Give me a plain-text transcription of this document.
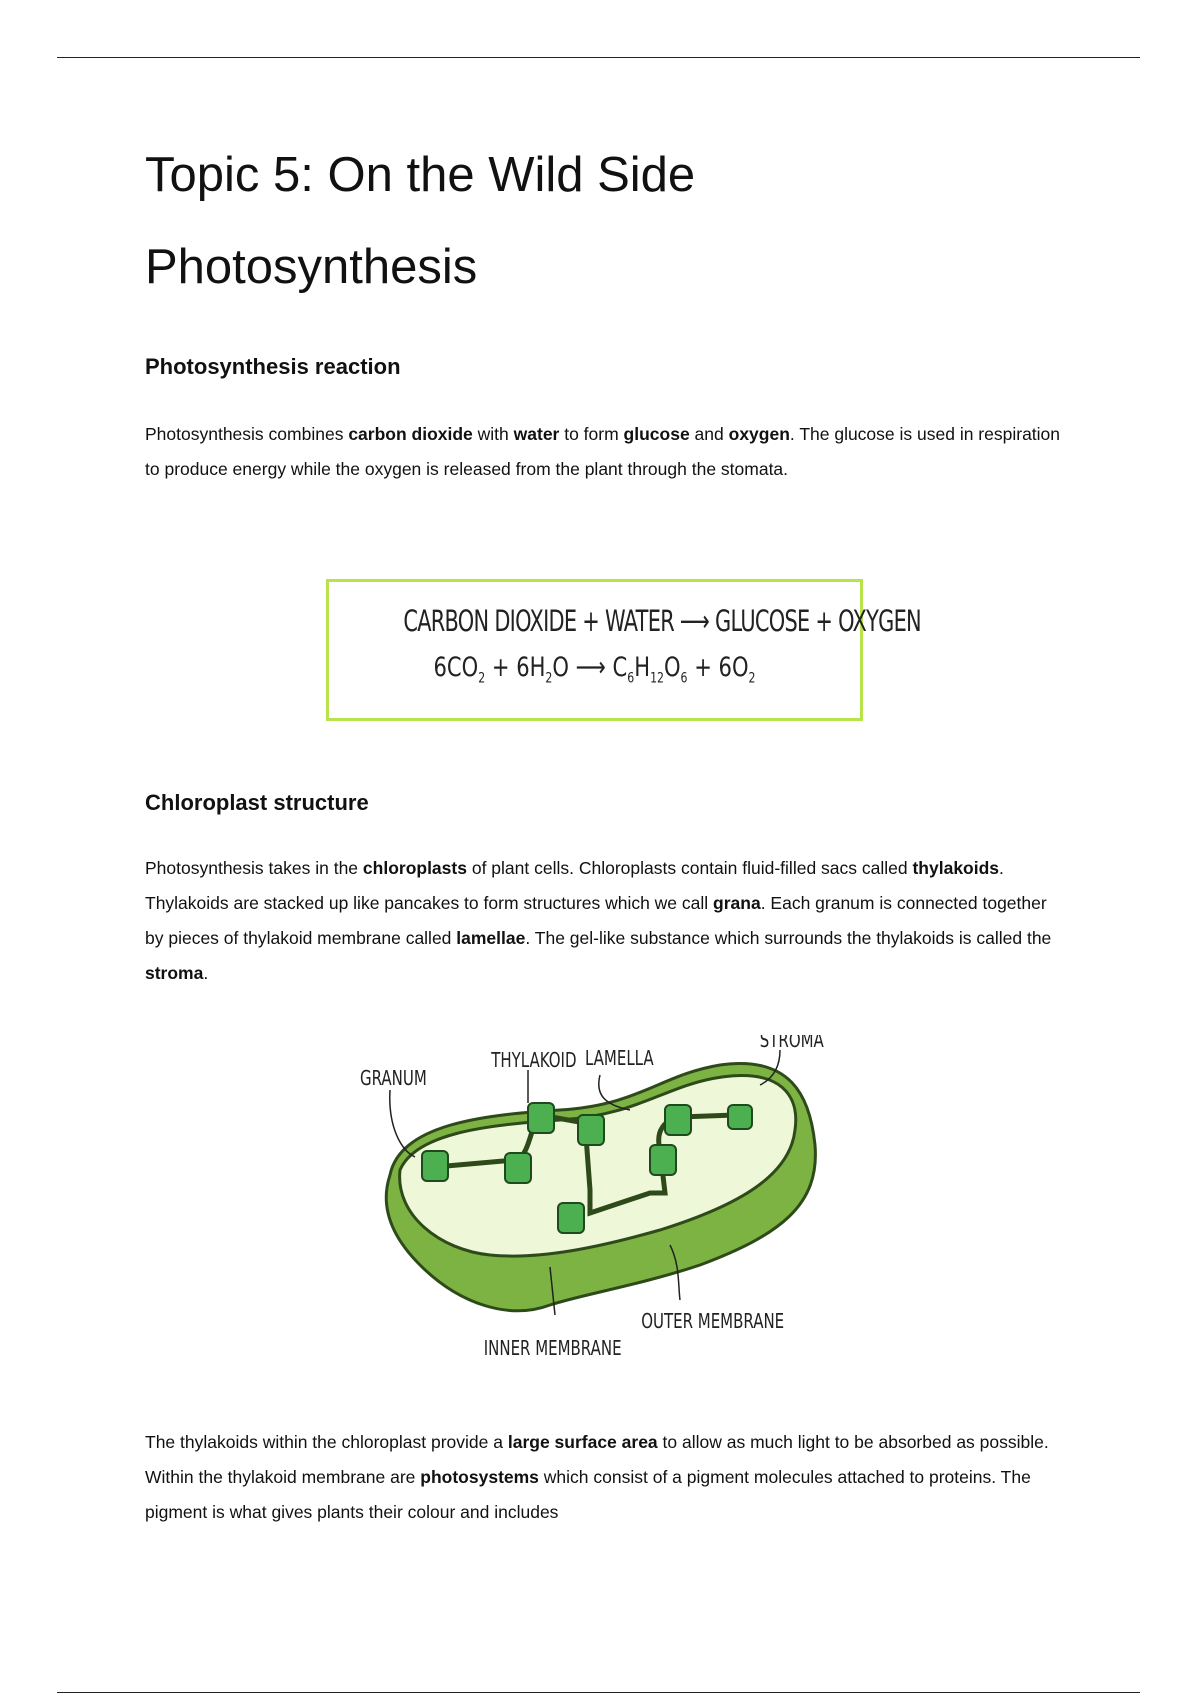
Topic 5: On the Wild Side
Photosynthesis
Photosynthesis reaction

Photosynthesis combines carbon dioxide with water to form glucose and oxygen. The glucose is used in respiration to produce energy while the oxygen is released from the plant through the stomata.

CARBON DIOXIDE + WATER ⟶ GLUCOSE + OXYGEN
$6CO_2 + 6H_2O$ ⟶ $C_6H_{12}O_6 + 6O_2$
Chloroplast structure

Photosynthesis takes in the chloroplasts of plant cells. Chloroplasts contain fluid-filled sacs called thylakoids. Thylakoids are stacked up like pancakes to form structures which we call grana. Each granum is connected together by pieces of thylakoid membrane called lamellae. The gel-like substance which surrounds the thylakoids is called the stroma.

GRANUM
THYLAKOID LAMELLA
STROMA
INNER MEMBRANE
OUTER MEMBRANE

The thylakoids within the chloroplast provide a large surface area to allow as much light to be absorbed as possible. Within the thylakoid membrane are photosystems which consist of a pigment molecules attached to proteins. The pigment is what gives plants their colour and includes
